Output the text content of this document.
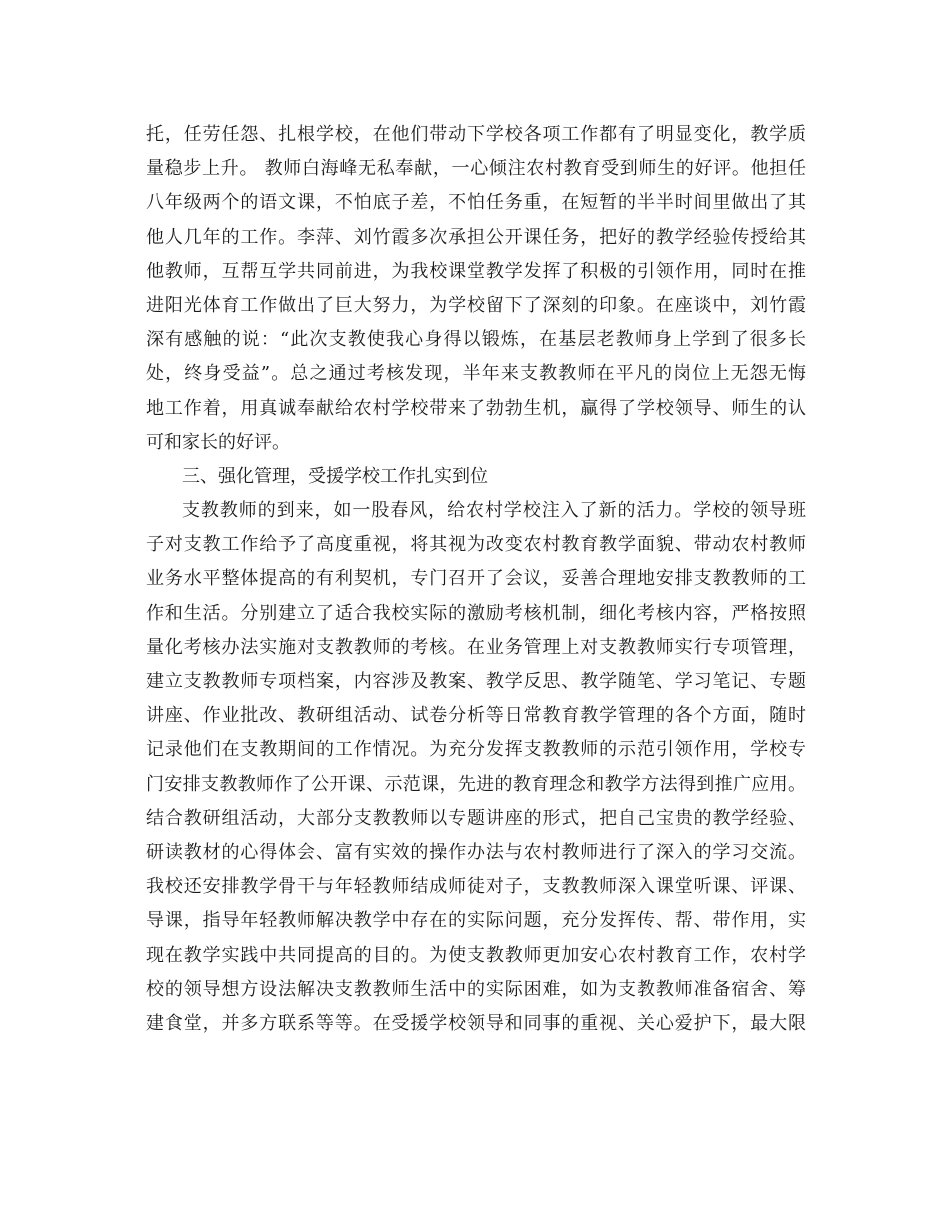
托，任劳任怨、扎根学校，在他们带动下学校各项工作都有了明显变化，教学质
量稳步上升。 教师白海峰无私奉献，一心倾注农村教育受到师生的好评。他担任
八年级两个的语文课，不怕底子差，不怕任务重，在短暂的半半时间里做出了其
他人几年的工作。李萍、刘竹霞多次承担公开课任务，把好的教学经验传授给其
他教师，互帮互学共同前进，为我校课堂教学发挥了积极的引领作用，同时在推
进阳光体育工作做出了巨大努力，为学校留下了深刻的印象。在座谈中，刘竹霞
深有感触的说：“此次支教使我心身得以锻炼，在基层老教师身上学到了很多长
处，终身受益”。总之通过考核发现，半年来支教教师在平凡的岗位上无怨无悔
地工作着，用真诚奉献给农村学校带来了勃勃生机，赢得了学校领导、师生的认
可和家长的好评。
三、强化管理，受援学校工作扎实到位
支教教师的到来，如一股春风，给农村学校注入了新的活力。学校的领导班
子对支教工作给予了高度重视，将其视为改变农村教育教学面貌、带动农村教师
业务水平整体提高的有利契机，专门召开了会议，妥善合理地安排支教教师的工
作和生活。分别建立了适合我校实际的激励考核机制，细化考核内容，严格按照
量化考核办法实施对支教教师的考核。在业务管理上对支教教师实行专项管理，
建立支教教师专项档案，内容涉及教案、教学反思、教学随笔、学习笔记、专题
讲座、作业批改、教研组活动、试卷分析等日常教育教学管理的各个方面，随时
记录他们在支教期间的工作情况。为充分发挥支教教师的示范引领作用，学校专
门安排支教教师作了公开课、示范课，先进的教育理念和教学方法得到推广应用。
结合教研组活动，大部分支教教师以专题讲座的形式，把自己宝贵的教学经验、
研读教材的心得体会、富有实效的操作办法与农村教师进行了深入的学习交流。
我校还安排教学骨干与年轻教师结成师徒对子，支教教师深入课堂听课、评课、
导课，指导年轻教师解决教学中存在的实际问题，充分发挥传、帮、带作用，实
现在教学实践中共同提高的目的。为使支教教师更加安心农村教育工作，农村学
校的领导想方设法解决支教教师生活中的实际困难，如为支教教师准备宿舍、筹
建食堂，并多方联系等等。在受援学校领导和同事的重视、关心爱护下，最大限
